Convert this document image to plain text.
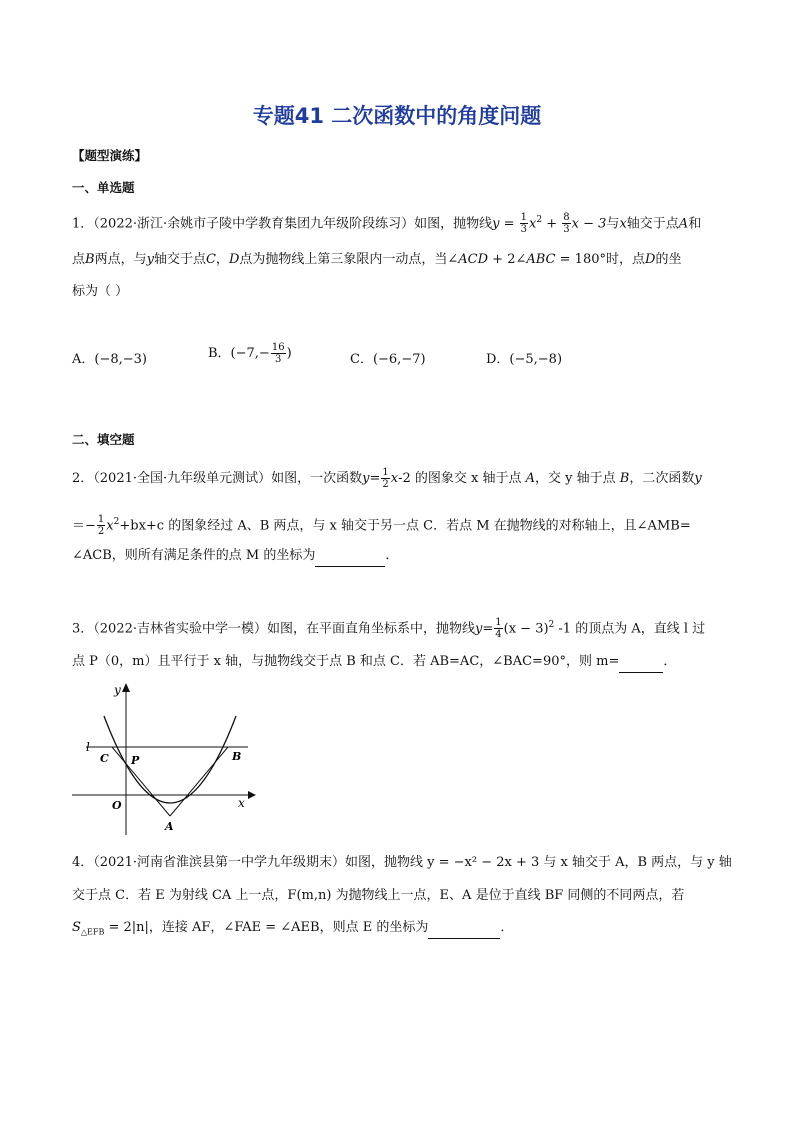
专题41 二次函数中的角度问题
【题型演练】
一、单选题
1．（2022·浙江·余姚市子陵中学教育集团九年级阶段练习）如图，抛物线$y = \frac{1}{3} x^2 + \frac{8}{3}$ x − 3与x轴交于点A和
点B两点，与y轴交于点C，D点为抛物线上第三象限内一动点，当∠ACD + 2∠ABC = 180°时，点D的坐
标为（ ）
A．(−8,−3)	B．($-7,- \frac{16}{3}$ )	C．(−6,−7)	D．(−5,−8)
二、填空题
2．（2021·全国·九年级单元测试）如图，一次函数$y= \frac{1}{2} x-2$ 的图象交 x 轴于点 A，交 y 轴于点 B，二次函数y
＝− $\frac{1}{2} x^2+bx+c$ 的图象经过 A、B 两点，与 x 轴交于另一点 C．若点 M 在抛物线的对称轴上，且∠AMB=
∠ACB，则所有满足条件的点 M 的坐标为	．
3．（2022·吉林省实验中学一模）如图，在平面直角坐标系中，抛物线$y= \frac{1}{4} (x - 3)^2$ -1 的顶点为 A，直线 l 过
点 P（0，m）且平行于 x 轴，与抛物线交于点 B 和点 C．若 AB=AC，∠BAC=90°，则 m=	．
y
x
l
C P	B
O
A
4．（2021·河南省淮滨县第一中学九年级期末）如图，抛物线 y = −x² − 2x + 3 与 x 轴交于 A，B 两点，与 y 轴
交于点 C．若 E 为射线 CA 上一点，F(m,n) 为抛物线上一点，E、A 是位于直线 BF 同侧的不同两点，若
$S_{\triangle EFB} = 2|n|$，连接 AF，∠FAE = ∠AEB，则点 E 的坐标为	．
